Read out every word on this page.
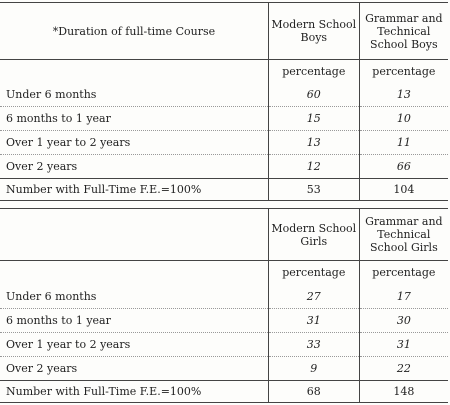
*Duration of full-time Course	Modern School Boys	Grammar and Technical School Boys
	percentage	percentage
Under 6 months	60	13
6 months to 1 year	15	10
Over 1 year to 2 years	13	11
Over 2 years	12	66
Number with Full-Time F.E.=100%	53	104
	Modern School Girls	Grammar and Technical School Girls
	percentage	percentage
Under 6 months	27	17
6 months to 1 year	31	30
Over 1 year to 2 years	33	31
Over 2 years	9	22
Number with Full-Time F.E.=100%	68	148
